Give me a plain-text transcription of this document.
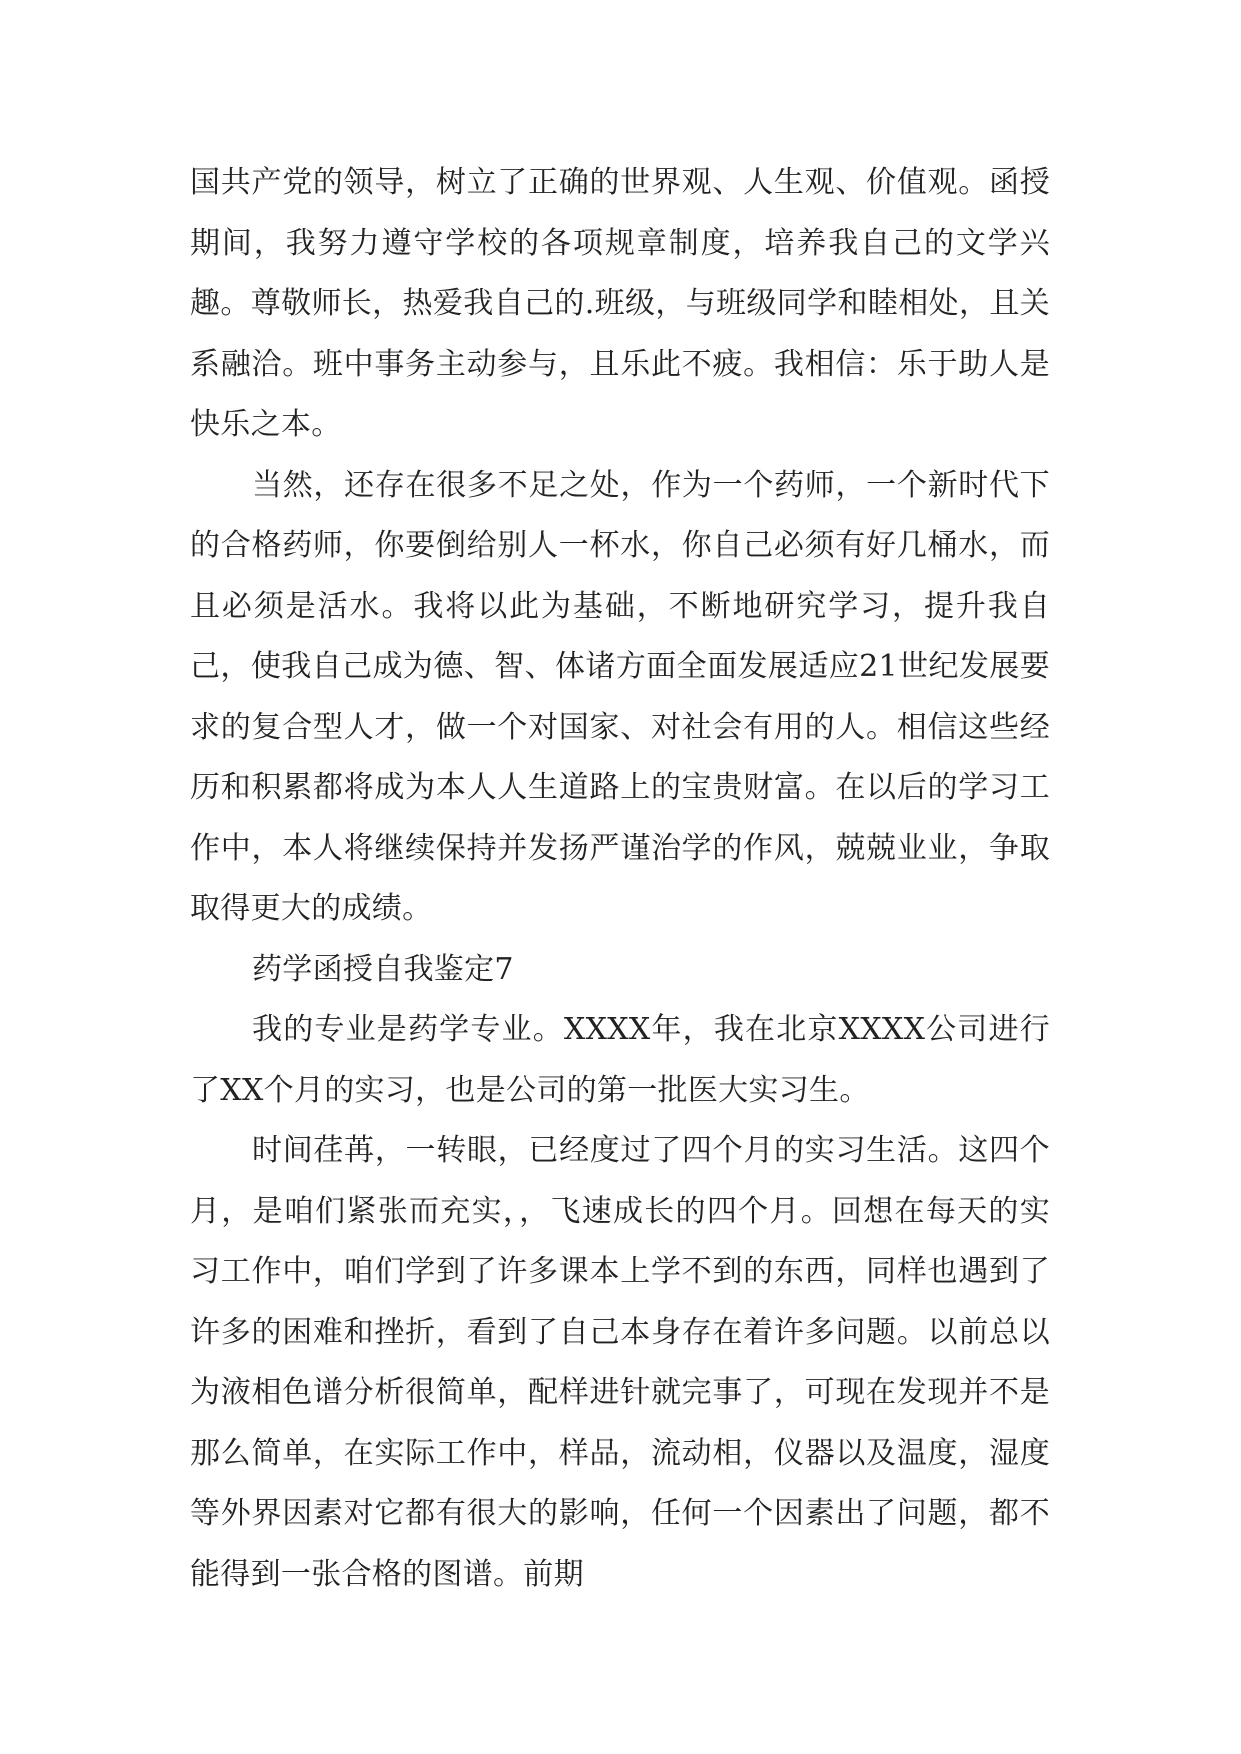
国共产党的领导，树立了正确的世界观、人生观、价值观。函授期间，我努力遵守学校的各项规章制度，培养我自己的文学兴趣。尊敬师长，热爱我自己的.班级，与班级同学和睦相处，且关系融洽。班中事务主动参与，且乐此不疲。我相信：乐于助人是快乐之本。

当然，还存在很多不足之处，作为一个药师，一个新时代下的合格药师，你要倒给别人一杯水，你自己必须有好几桶水，而且必须是活水。我将以此为基础，不断地研究学习，提升我自己，使我自己成为德、智、体诸方面全面发展适应21世纪发展要求的复合型人才，做一个对国家、对社会有用的人。相信这些经历和积累都将成为本人人生道路上的宝贵财富。在以后的学习工作中，本人将继续保持并发扬严谨治学的作风，兢兢业业，争取取得更大的成绩。

药学函授自我鉴定7

我的专业是药学专业。XXXX年，我在北京XXXX公司进行了XX个月的实习，也是公司的第一批医大实习生。

时间荏苒，一转眼，已经度过了四个月的实习生活。这四个月，是咱们紧张而充实，，飞速成长的四个月。回想在每天的实习工作中，咱们学到了许多课本上学不到的东西，同样也遇到了许多的困难和挫折，看到了自己本身存在着许多问题。以前总以为液相色谱分析很简单，配样进针就完事了，可现在发现并不是那么简单，在实际工作中，样品，流动相，仪器以及温度，湿度等外界因素对它都有很大的影响，任何一个因素出了问题，都不能得到一张合格的图谱。前期
